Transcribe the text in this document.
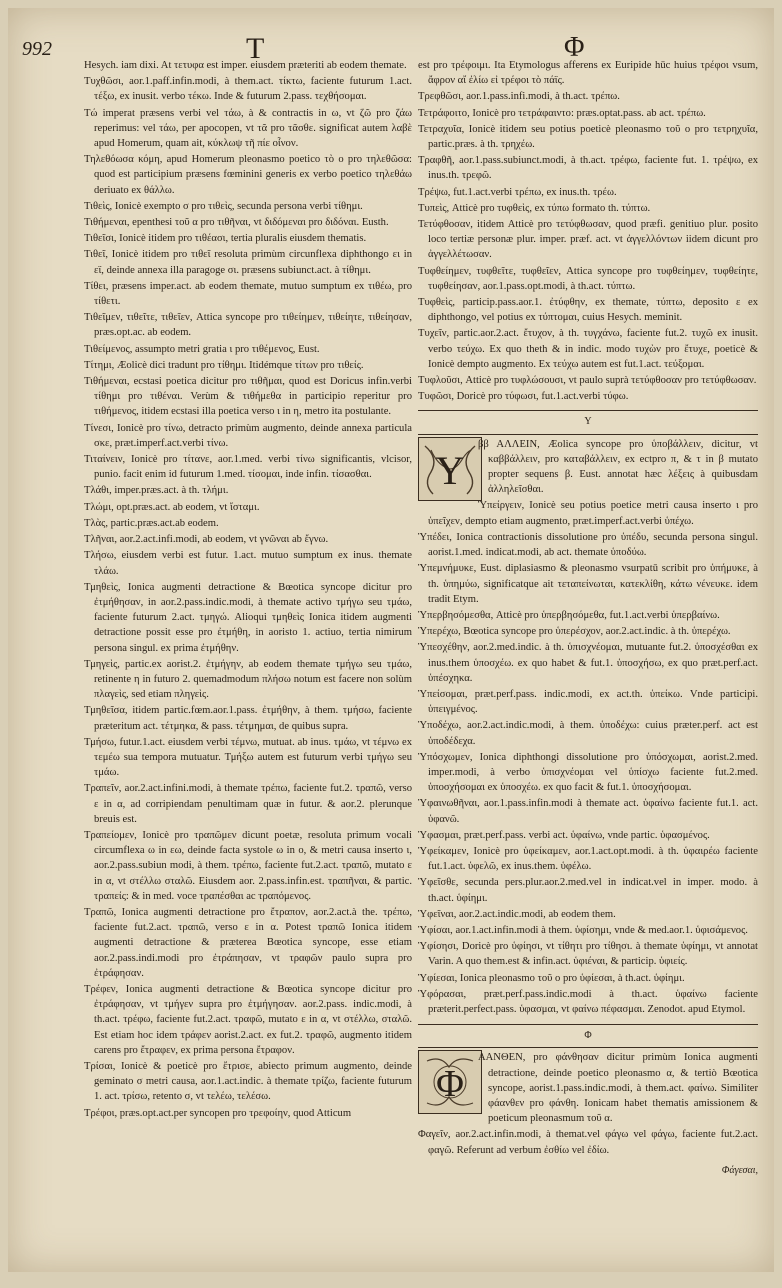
992	T	Φ
Hesych. iam dixi. At τετυφα est imper. eiusdem præteriti ab eodem themate.
Τυχθῶσι, aor.1.paff.infin.modi, à them.act. τίκτω, faciente futurum 1.act. τέξω, ex inusit. verbo τέκω. Inde & futurum 2.pass. τεχθήσομαι.
Τώ imperat præsens verbi vel τάω, à & contractis in ω, vt ζῶ pro ζάω reperimus: vel τάω, per apocopen, vt τᾶ pro τᾶσθε. significat autem λαβὲ apud Homerum, quam ait, κύκλωψ τῆ πίε οἶνον.
Τηλεθόωσα κόμη, apud Homerum pleonasmo poetico τὸ ο pro τηλεθῶσα: quod est participium præsens fœminini generis ex verbo poetico τηλεθάω deriuato ex θάλλω.
Τιθεὶς, Ionicè exempto σ pro τιθεὶς, secunda persona verbi τίθημι.
Τιθήμεναι, epenthesi τοῦ α pro τιθῆναι, vt διδόμεναι pro διδόναι. Eusth.
Τιθεῖσι, Ionicè itidem pro τιθέασι, tertia pluralis eiusdem thematis.
Τιθεῖ, Ionicè itidem pro τιθεῖ resoluta primùm circunflexa diphthongo ει in εϊ, deinde annexa illa paragoge σι. præsens subiunct.act. à τίθημι.
Τίθει, præsens imper.act. ab eodem themate, mutuo sumptum ex τιθέω, pro τίθετι.
Τιθεῖμεν, τιθεῖτε, τιθεῖεν, Attica syncope pro τιθείημεν, τιθείητε, τιθείησαν, præs.opt.ac. ab eodem.
Τιθείμενος, assumpto metri gratia ι pro τιθέμενος, Eust.
Τίτημι, Æolicè dici tradunt pro τίθημι. Itidémque τίτων pro τιθείς.
Τιθήμεναι, ecstasi poetica dicitur pro τιθῆμαι, quod est Doricus infin.verbi τίθημι pro τιθέναι. Verùm & τιθήμεθα in participio reperitur pro τιθήμενος, itidem ecstasi illa poetica verso ι in η, metro ita postulante.
Τίνεσι, Ionicè pro τίνω, detracto primùm augmento, deinde annexa particula σκε, præt.imperf.act.verbi τίνω.
Τιταίνειν, Ionicè pro τίτανε, aor.1.med. verbi τίνω significantis, vlcisor, punio. facit enim id futurum 1.med. τίσομαι, inde infin. τίσασθαι.
Τλάθι, imper.præs.act. à th. τλήμι.
Τλώμι, opt.præs.act. ab eodem, vt ἴσταμι.
Τλὰς, partic.præs.act.ab eodem.
Τλῆναι, aor.2.act.infi.modi, ab eodem, vt γνῶναι ab ἔγνω.
Τλήσω, eiusdem verbi est futur. 1.act. mutuo sumptum ex inus. themate τλάω.
Τμηθεὶς, Ionica augmenti detractione & Bœotica syncope dicitur pro ἐτμήθησαν, in aor.2.pass.indic.modi, à themate activo τμήγω seu τμάω, faciente futurum 2.act. τμηγώ. Alioqui τμηθεὶς Ionica itidem augmenti detractione possit esse pro ἐτμήθη, in aoristo 1. actiuo, tertia nimirum persona singul. ex prima ἐτμήθην.
Τμηγεὶς, partic.ex aorist.2. ἐτμήγην, ab eodem themate τμήγω seu τμάω, retinente η in futuro 2. quemadmodum πλήσω notum est facere non solùm πλαγεὶς, sed etiam πληγεὶς.
Τμηθεῖσα, itidem partic.fœm.aor.1.pass. ἐτμήθην, à them. τμήσω, faciente præteritum act. τέτμηκα, & pass. τέτμημαι, de quibus supra.
Τμήσω, futur.1.act. eiusdem verbi τέμνω, mutuat. ab inus. τμάω, vt τέμνω ex τεμέω sua tempora mutuatur. Τμήξω autem est futurum verbi τμήγω seu τμάω.
Τραπεῖν, aor.2.act.infini.modi, à themate τρέπω, faciente fut.2. τραπῶ, verso ε in α, ad corripiendam penultimam quæ in futur. & aor.2. plerunque breuis est.
Τραπείομεν, Ionicè pro τραπῶμεν dicunt poetæ, resoluta primum vocali circumflexa ω in εω, deinde facta systole ω in ο, & metri causa inserto ι, aor.2.pass.subiun modi, à them. τρέπω, faciente fut.2.act. τραπῶ, mutato ε in α, vt στέλλω σταλῶ. Eiusdem aor. 2.pass.infin.est. τραπῆναι, & partic. τραπείς: & in med. voce τραπέσθαι ac τραπόμενος.
Τραπῶ, Ionica augmenti detractione pro ἔτραπον, aor.2.act.à the. τρέπω, faciente fut.2.act. τραπῶ, verso ε in α. Potest τραπῶ Ionica itidem augmenti detractione & præterea Bœotica syncope, esse etiam aor.2.pass.indi.modi pro ἐτράπησαν, vt τραφῶν paulo supra pro ἐτράφησαν.
Τρέφεν, Ionica augmenti detractione & Bœotica syncope dicitur pro ἐτράφησαν, vt τμήγεν supra pro ἐτμήγησαν. aor.2.pass. indic.modi, à th.act. τρέφω, faciente fut.2.act. τραφῶ, mutato ε in α, vt στέλλω, σταλῶ. Est etiam hoc idem τράφεν aorist.2.act. ex fut.2. τραφῶ, augmento itidem carens pro ἔτραφεν, ex prima persona ἔτραφον.
Τρίσαι, Ionicè & poeticè pro ἔτρισε, abiecto primum augmento, deinde geminato σ metri causa, aor.1.act.indic. à themate τρίζω, faciente futurum 1. act. τρίσω, retento σ, vt τελέω, τελέσω.
Τρέφοι, præs.opt.act.per syncopen pro τρεφοίην, quod Atticum
est pro τρέφοιμι. Ita Etymologus afferens ex Euripide hūc huius τρέφοι vsum, ἄφρον αἴ ἐλίω εἰ τρέφοι τὸ πάϊς.
Τρεφθῶσι, aor.1.pass.infi.modi, à th.act. τρέπω.
Τετράφοιτο, Ionicè pro τετράφαιντο: præs.optat.pass. ab act. τρέπω.
Τετραχυῖα, Ionicè itidem seu potius poeticè pleonasmo τοῦ ο pro τετρηχυῖα, partic.præs. à th. τρηχέω.
Τραφθῆ, aor.1.pass.subiunct.modi, à th.act. τρέφω, faciente fut. 1. τρέψω, ex inus.th. τρεφῶ.
Τρέψω, fut.1.act.verbi τρέπω, ex inus.th. τρέω.
Τυπεὶς, Atticè pro τυφθεὶς, ex τύπω formato th. τύπτω.
Τετύφθοσαν, itidem Atticè pro τετύφθωσαν, quod præfi. genitiuo plur. posito loco tertiæ personæ plur. imper. præf. act. vt ἀγγελλόντων iidem dicunt pro ἀγγελλέτωσαν.
Τυφθείημεν, τυφθεῖτε, τυφθεῖεν, Attica syncope pro τυφθείημεν, τυφθείητε, τυφθείησαν, aor.1.pass.opt.modi, à th.act. τύπτω.
Τυφθεὶς, particip.pass.aor.1. ἐτύφθην, ex themate, τύπτω, deposito ε ex diphthongo, vel potius ex τύπτομαι, cuius Hesych. meminit.
Τυχεῖν, partic.aor.2.act. ἔτυχον, à th. τυγχάνω, faciente fut.2. τυχῶ ex inusit. verbo τεύχω. Ex quo theth & in indic. modo τυχὼν pro ἔτυχε, poeticè & Ionicè dempto augmento. Ex τεύχω autem est fut.1.act. τεύξομαι.
Τυφλοῦσι, Atticè pro τυφλώσουσι, vt paulo suprà τετύφθοσαν pro τετύφθωσαν.
Τυφῶσι, Doricè pro τύφωσι, fut.1.act.verbi τύφω.
Υ
Y
ββ ΑΛΛΕΙΝ, Æolica syncope pro ὑποβάλλειν, dicitur, vt καββάλλειν, pro καταβάλλειν, ex ectpro π, & τ in β mutato propter sequens β. Eust. annotat hæc λέξεις à quibusdam ἀλληλεῖσθαι.
Ὑπείργειν, Ionicè seu potius poetice metri causa inserto ι pro ὑπεῖχεν, dempto etiam augmento, præt.imperf.act.verbi ὑπέχω.
Ὑπέδει, Ionica contractionis dissolutione pro ὑπέδυ, secunda persona singul. aorist.1.med. indicat.modi, ab act. themate ὑποδύω.
Ὑπεμνήμυκε, Eust. diplasiasmo & pleonasmo vsurpatū scribit pro ὑπήμυκε, à th. ὑπημύω, significatque ait τεταπείνωται, κατεκλίθη, κάτω νένευκε. idem tradit Etym.
Ὑπερβησόμεσθα, Atticè pro ὑπερβησόμεθα, fut.1.act.verbi ὑπερβαίνω.
Ὑπερέχω, Bœotica syncope pro ὑπερέσχον, aor.2.act.indic. à th. ὑπερέχω.
Ὑπεσχέθην, aor.2.med.indic. à th. ὑπισχνέομαι, mutuante fut.2. ὑποσχέσθαι ex inus.them ὑποσχέω. ex quo habet & fut.1. ὑποσχήσω, ex quo præt.perf.act. ὑπέσχηκα.
Ὑπείσομαι, præt.perf.pass. indic.modi, ex act.th. ὑπείκω. Vnde participi. ὑπειγμένος.
Ὑποδέχω, aor.2.act.indic.modi, à them. ὑποδέχω: cuius præter.perf. act est ὑποδέδεχα.
Ὑπόσχωμεν, Ionica diphthongi dissolutione pro ὑπόσχωμαι, aorist.2.med. imper.modi, à verbo ὑπισχνέομαι vel ὑπίσχω faciente fut.2.med. ὑποσχήσομαι ex ὑποσχέω. ex quo facit & fut.1. ὑποσχήσομαι.
Ὑφαινωθῆναι, aor.1.pass.infin.modi à themate act. ὑφαίνω faciente fut.1. act. ὑφανῶ.
Ὑφασμαι, præt.perf.pass. verbi act. ὑφαίνω, vnde partic. ὑφασμένος.
Ὑφείκαμεν, Ionicè pro ὑφείκαμεν, aor.1.act.opt.modi. à th. ὑφαιρέω faciente fut.1.act. ὑφελῶ, ex inus.them. ὑφέλω.
Ὑφεῖσθε, secunda pers.plur.aor.2.med.vel in indicat.vel in imper. modo. à th.act. ὑφίημι.
Ὑφεῖναι, aor.2.act.indic.modi, ab eodem them.
Ὑφίσαι, aor.1.act.infin.modi à them. ὑφίσημι, vnde & med.aor.1. ὑφισάμενος.
Ὑφίσησι, Doricè pro ὑφίησι, vt τίθητι pro τίθησι. à themate ὑφίημι, vt annotat Varin. A quo them.est & infin.act. ὑφιέναι, & particip. ὑφιείς.
Ὑφίεσαι, Ionica pleonasmo τοῦ ο pro ὑφίεσαι, à th.act. ὑφίημι.
Ὑφόρασαι, præt.perf.pass.indic.modi à th.act. ὑφαίνω faciente præterit.perfect.pass. ὑφασμαι, vt φαίνω πέφασμαι. Zenodot. apud Etymol.
Φ
Φ
ΑΑΝΘΕΝ, pro φάνθησαν dicitur primùm Ionica augmenti detractione, deinde poetico pleonasmo α, & tertiò Bœotica syncope, aorist.1.pass.indic.modi, à them.act. φαίνω. Similiter φάανθεν pro φάνθη. Ionicam habet thematis amissionem & poeticum pleonasmum τοῦ α.
Φαγεῖν, aor.2.act.infin.modi, à themat.vel φάγω vel φάγω, faciente fut.2.act. φαγῶ. Referunt ad verbum ἐσθίω vel ἐδίω.
Φάγεσαι,
